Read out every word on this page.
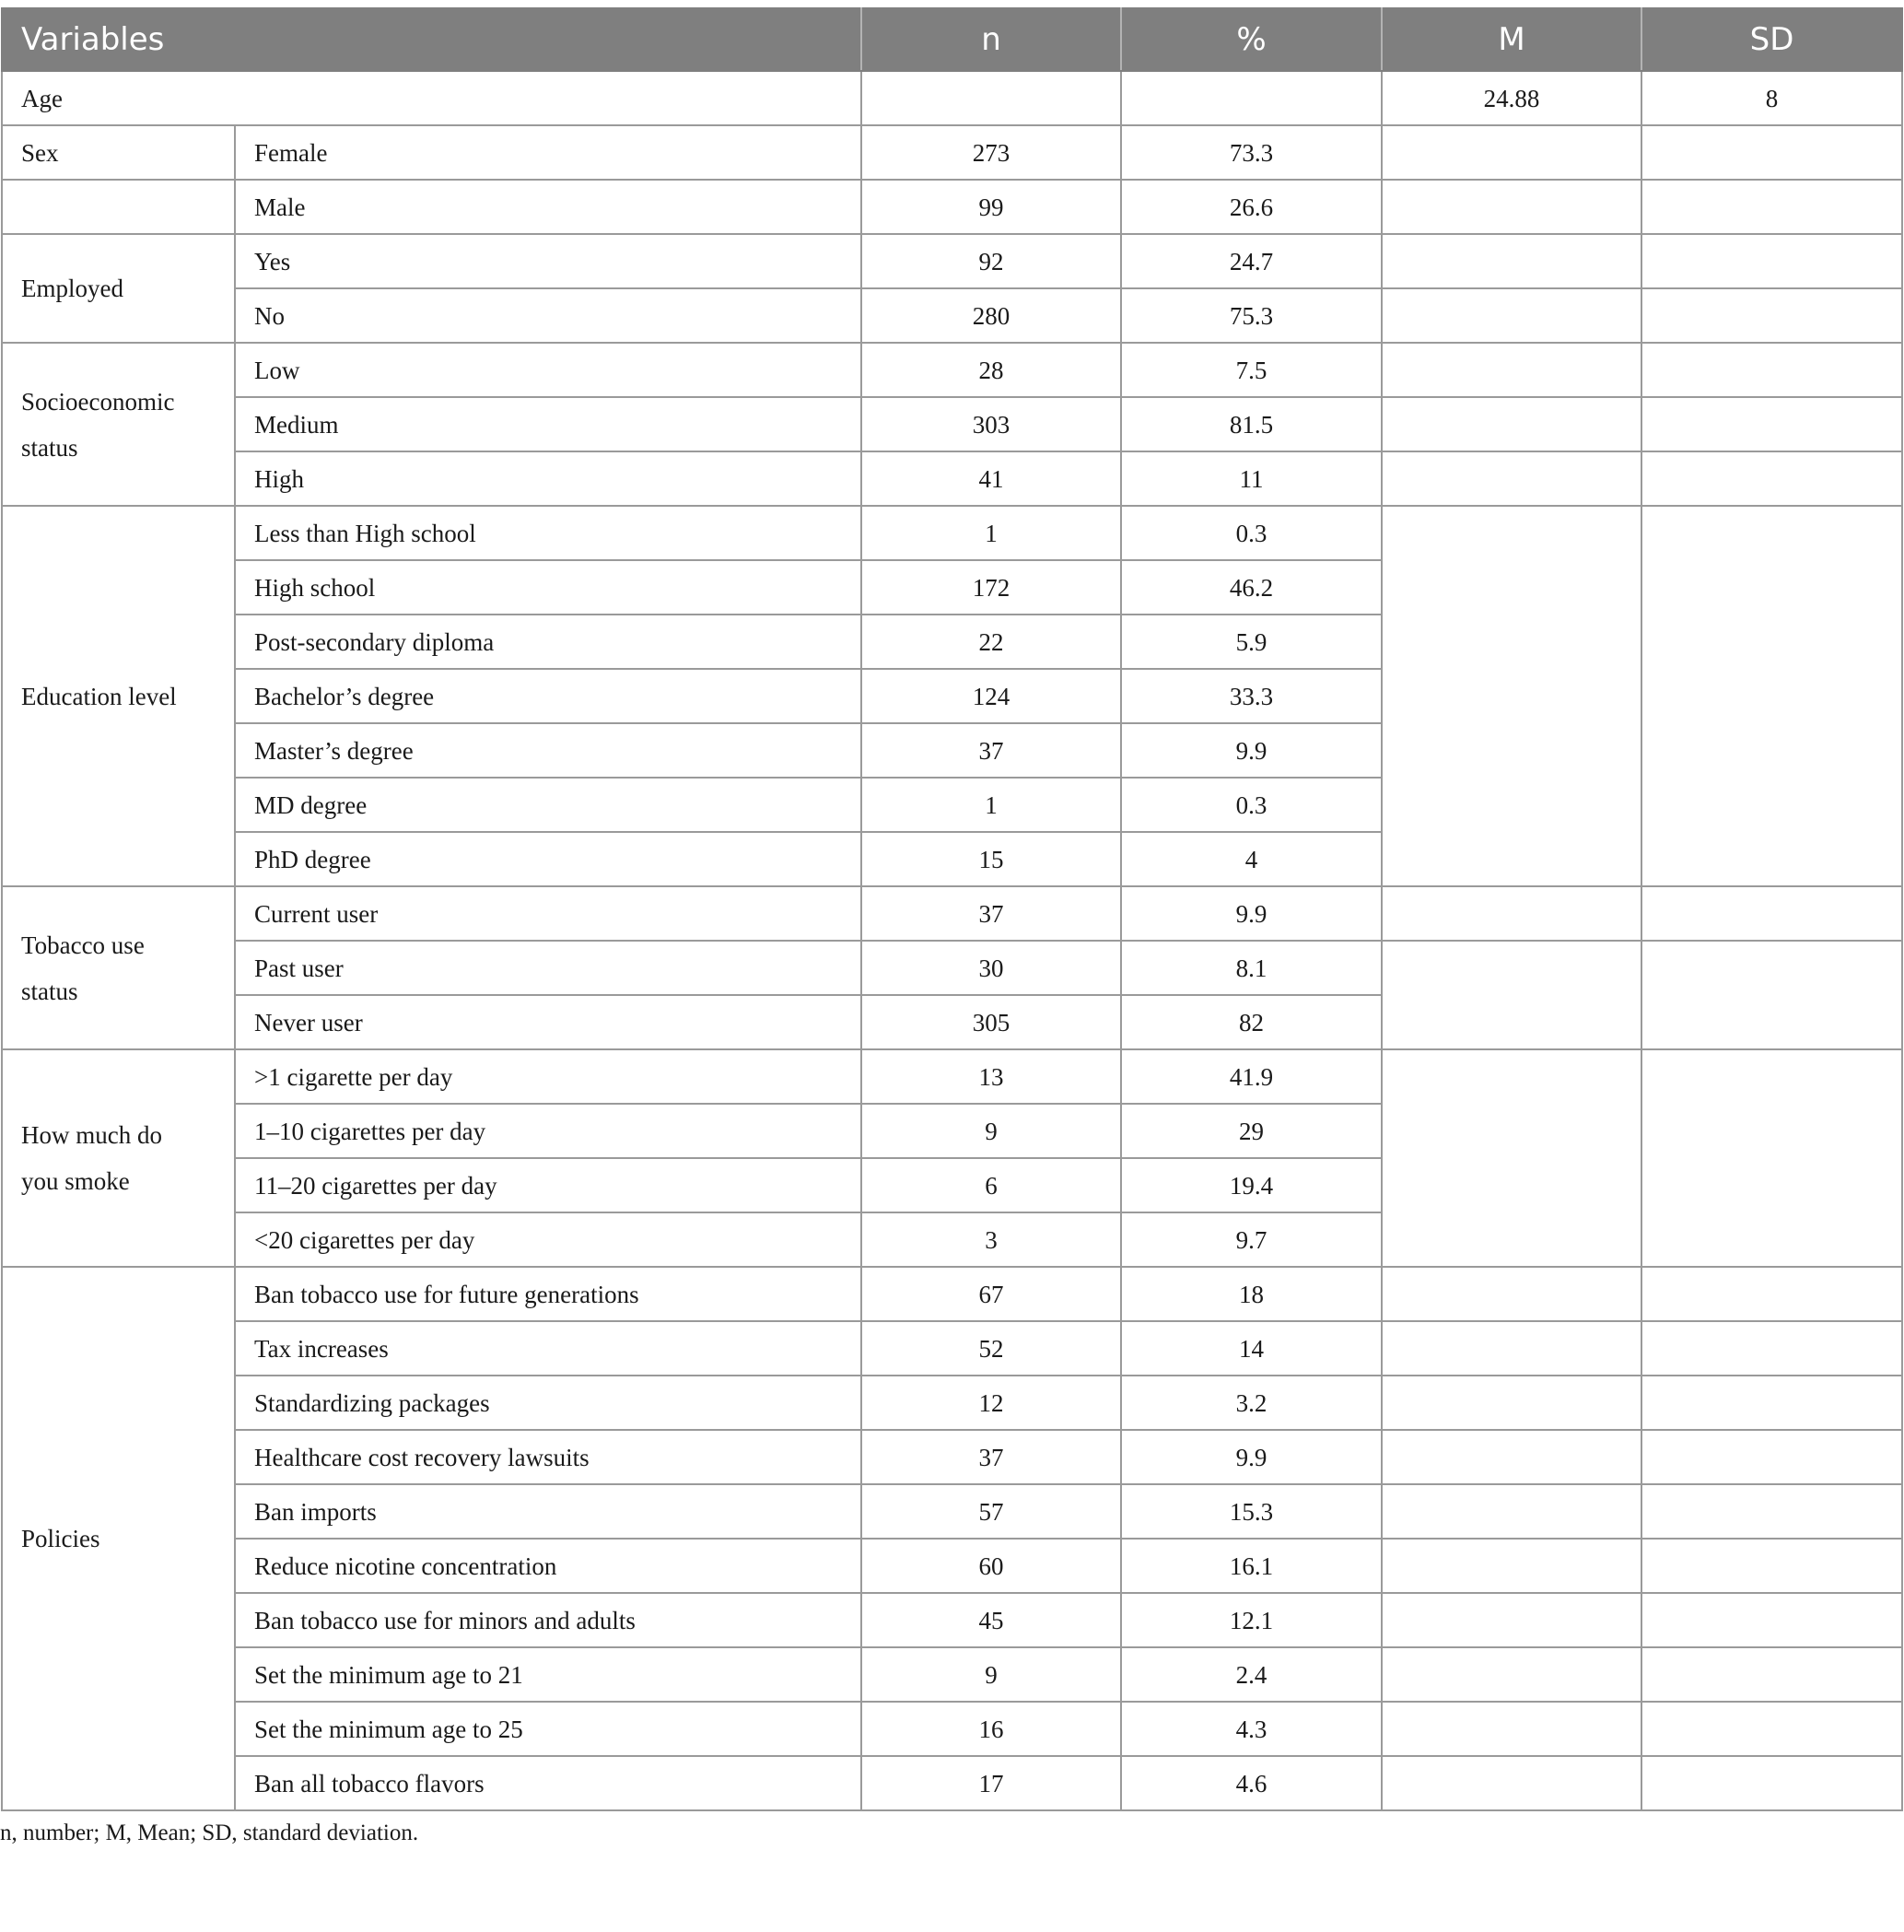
Variables		n	%	M	SD
Age				24.88	8
Sex	Female	273	73.3		
	Male	99	26.6		
Employed	Yes	92	24.7		
	No	280	75.3		
Socioeconomic
status	Low	28	7.5		
	Medium	303	81.5		
	High	41	11		
Education level	Less than High school	1	0.3		
	High school	172	46.2		
	Post-secondary diploma	22	5.9		
	Bachelor’s degree	124	33.3		
	Master’s degree	37	9.9		
	MD degree	1	0.3		
	PhD degree	15	4		
Tobacco use
status	Current user	37	9.9		
	Past user	30	8.1		
	Never user	305	82		
How much do
you smoke	>1 cigarette per day	13	41.9		
	1–10 cigarettes per day	9	29		
	11–20 cigarettes per day	6	19.4		
	<20 cigarettes per day	3	9.7		
Policies	Ban tobacco use for future generations	67	18		
	Tax increases	52	14		
	Standardizing packages	12	3.2		
	Healthcare cost recovery lawsuits	37	9.9		
	Ban imports	57	15.3		
	Reduce nicotine concentration	60	16.1		
	Ban tobacco use for minors and adults	45	12.1		
	Set the minimum age to 21	9	2.4		
	Set the minimum age to 25	16	4.3		
	Ban all tobacco flavors	17	4.6		
n, number; M, Mean; SD, standard deviation.
